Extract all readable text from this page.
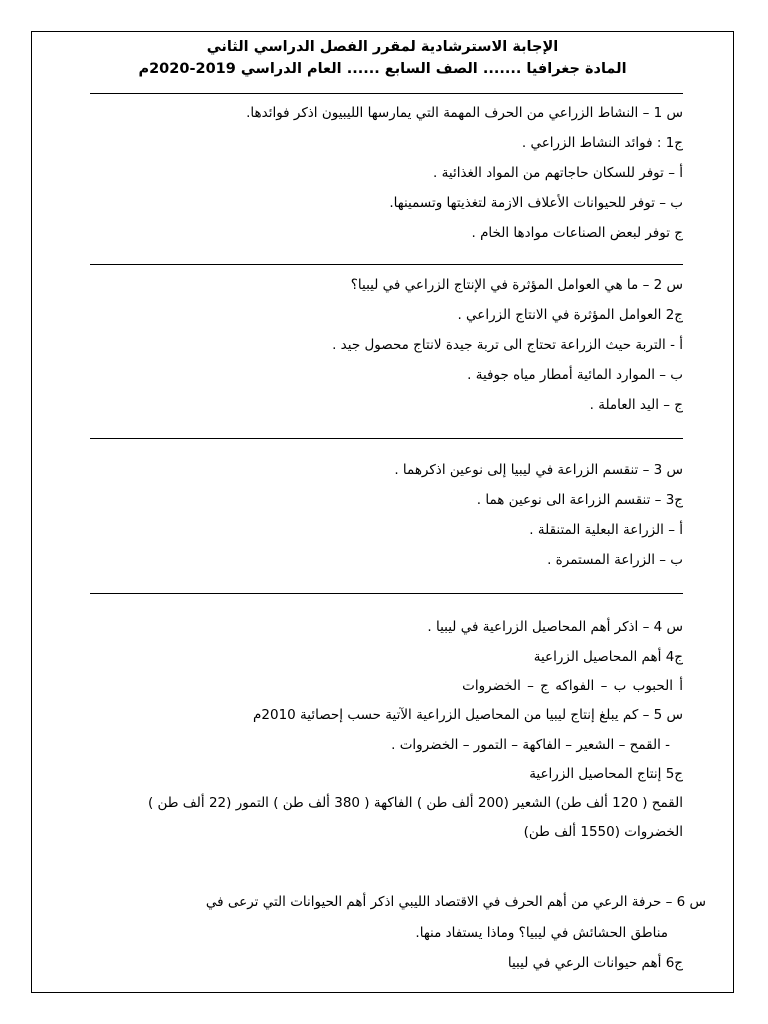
الإجابة الاسترشادية لمقرر الفصل الدراسي الثاني
المادة جغرافيا ....... الصف السابع ...... العام الدراسي 2019-2020م
س 1 – النشاط الزراعي من الحرف المهمة التي يمارسها الليبيون اذكر فوائدها.
ج1 : فوائد النشاط الزراعي .
أ – توفر للسكان حاجاتهم من المواد الغذائية .
ب – توفر للحيوانات الأعلاف الازمة لتغذيتها وتسمينها.
ج توفر لبعض الصناعات موادها الخام .
س 2 – ما هي العوامل المؤثرة في الإنتاج الزراعي في ليبيا؟
ج2 العوامل المؤثرة في الانتاج الزراعي .
أ - التربة حيث الزراعة تحتاج الى تربة جيدة لانتاج محصول جيد .
ب – الموارد المائية أمطار مياه جوفية .
ج – اليد العاملة .
س 3 – تنقسم الزراعة في ليبيا إلى نوعين اذكرهما .
ج3 – تنقسم الزراعة الى نوعين هما .
أ – الزراعة البعلية المتنقلة .
ب – الزراعة المستمرة .
س 4 – اذكر أهم المحاصيل الزراعية في ليبيا .
ج4 أهم المحاصيل الزراعية
أ الحبوب ب – الفواكه ج – الخضروات
س 5 – كم يبلغ إنتاج ليبيا من المحاصيل الزراعية الآتية حسب إحصائية 2010م
- القمح – الشعير – الفاكهة – التمور – الخضروات .
ج5 إنتاج المحاصيل الزراعية
القمح ( 120 ألف طن) الشعير (200 ألف طن ) الفاكهة ( 380 ألف طن ) التمور (22 ألف طن )
الخضروات (1550 ألف طن)
س 6 – حرفة الرعي من أهم الحرف في الاقتصاد الليبي اذكر أهم الحيوانات التي ترعى في
مناطق الحشائش في ليبيا؟ وماذا يستفاد منها.
ج6 أهم حيوانات الرعي في ليبيا
